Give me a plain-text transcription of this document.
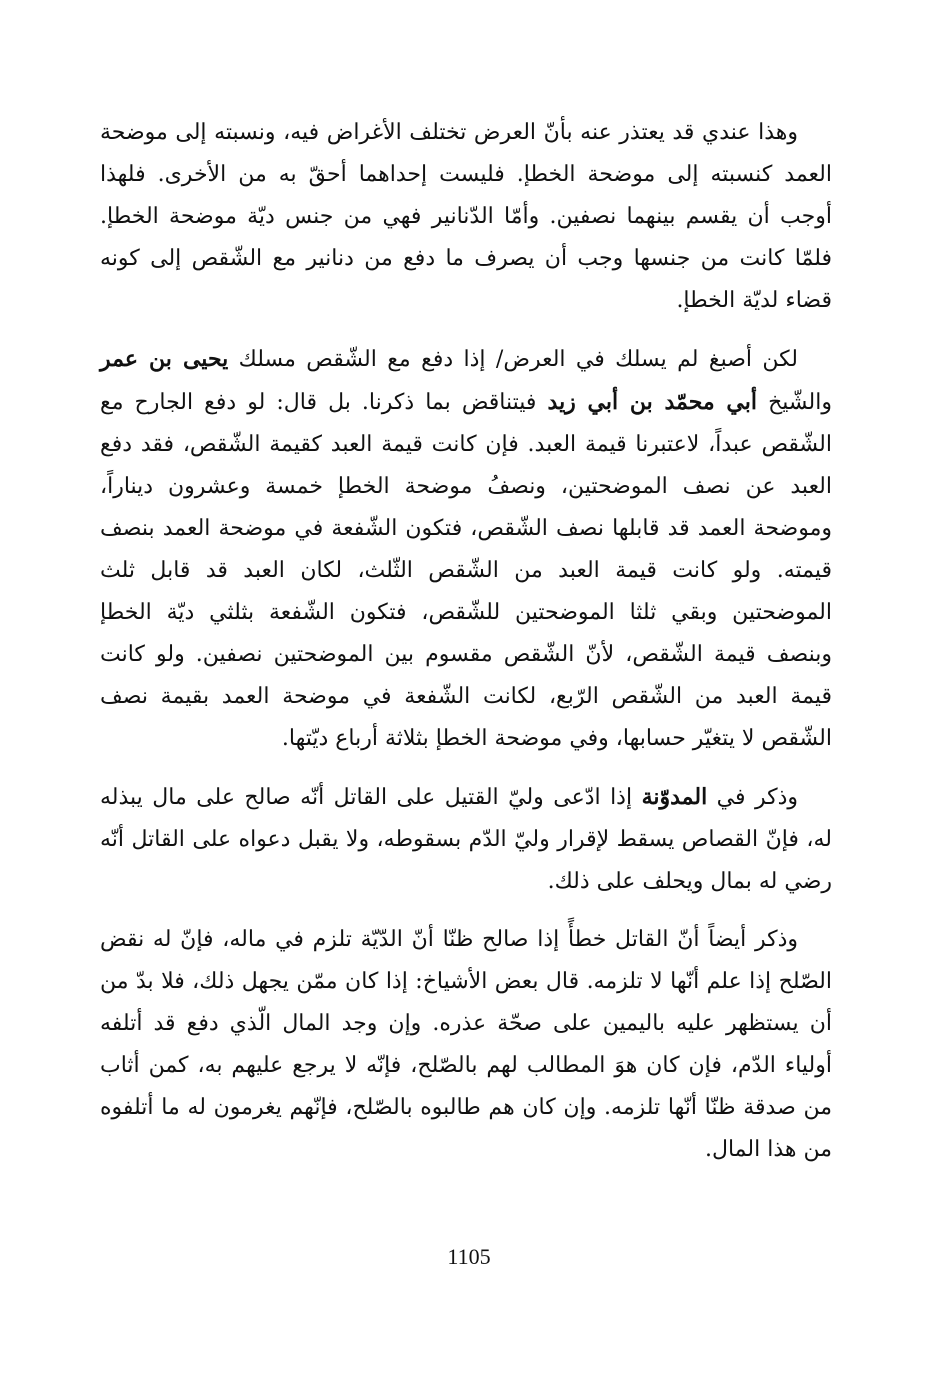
وهذا عندي قد يعتذر عنه بأنّ العرض تختلف الأغراض فيه، ونسبته إلى موضحة العمد كنسبته إلى موضحة الخطإ. فليست إحداهما أحقّ به من الأخرى. فلهذا أوجب أن يقسم بينهما نصفين. وأمّا الدّنانير فهي من جنس ديّة موضحة الخطإ. فلمّا كانت من جنسها وجب أن يصرف ما دفع من دنانير مع الشّقص إلى كونه قضاء لديّة الخطإ.

لكن أصبغ لم يسلك في العرض/ إذا دفع مع الشّقص مسلك يحيى بن عمر والشّيخ أبي محمّد بن أبي زيد فيتناقض بما ذكرنا. بل قال: لو دفع الجارح مع الشّقص عبداً، لاعتبرنا قيمة العبد. فإن كانت قيمة العبد كقيمة الشّقص، فقد دفع العبد عن نصف الموضحتين، ونصفُ موضحة الخطإ خمسة وعشرون ديناراً، وموضحة العمد قد قابلها نصف الشّقص، فتكون الشّفعة في موضحة العمد بنصف قيمته. ولو كانت قيمة العبد من الشّقص الثّلث، لكان العبد قد قابل ثلث الموضحتين وبقي ثلثا الموضحتين للشّقص، فتكون الشّفعة بثلثي ديّة الخطإ وبنصف قيمة الشّقص، لأنّ الشّقص مقسوم بين الموضحتين نصفين. ولو كانت قيمة العبد من الشّقص الرّبع، لكانت الشّفعة في موضحة العمد بقيمة نصف الشّقص لا يتغيّر حسابها، وفي موضحة الخطإ بثلاثة أرباع ديّتها.

وذكر في المدوّنة إذا ادّعى وليّ القتيل على القاتل أنّه صالح على مال يبذله له، فإنّ القصاص يسقط لإقرار وليّ الدّم بسقوطه، ولا يقبل دعواه على القاتل أنّه رضي له بمال ويحلف على ذلك.

وذكر أيضاً أنّ القاتل خطأً إذا صالح ظنّا أنّ الدّيّة تلزم في ماله، فإنّ له نقض الصّلح إذا علم أنّها لا تلزمه. قال بعض الأشياخ: إذا كان ممّن يجهل ذلك، فلا بدّ من أن يستظهر عليه باليمين على صحّة عذره. وإن وجد المال الّذي دفع قد أتلفه أولياء الدّم، فإن كان هوَ المطالب لهم بالصّلح، فإنّه لا يرجع عليهم به، كمن أثاب من صدقة ظنّا أنّها تلزمه. وإن كان هم طالبوه بالصّلح، فإنّهم يغرمون له ما أتلفوه من هذا المال.

1105
